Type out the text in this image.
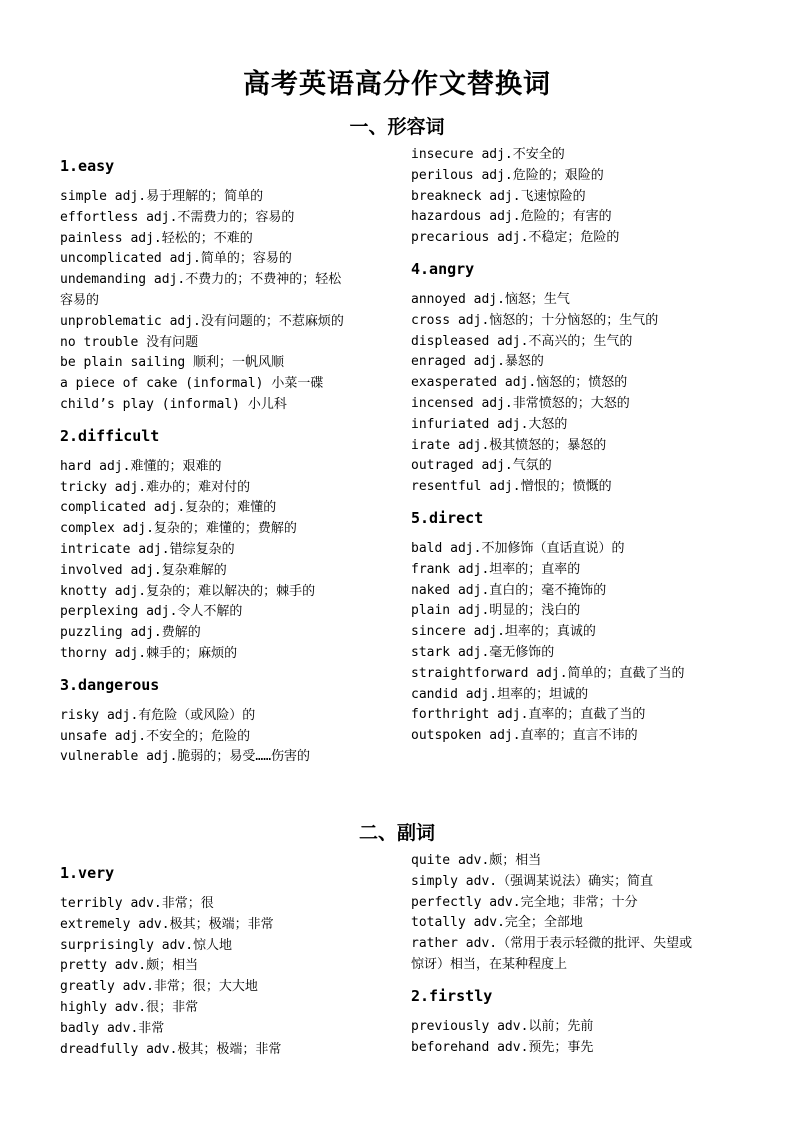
高考英语高分作文替换词
一、形容词
1.easy
simple adj.易于理解的；简单的
effortless adj.不需费力的；容易的
painless adj.轻松的；不难的
uncomplicated adj.简单的；容易的
undemanding adj.不费力的；不费神的；轻松
容易的
unproblematic adj.没有问题的；不惹麻烦的
no trouble 没有问题
be plain sailing 顺利；一帆风顺
a piece of cake (informal) 小菜一碟
child’s play (informal) 小儿科
2.difficult
hard adj.难懂的；艰难的
tricky adj.难办的；难对付的
complicated adj.复杂的；难懂的
complex adj.复杂的；难懂的；费解的
intricate adj.错综复杂的
involved adj.复杂难解的
knotty adj.复杂的；难以解决的；棘手的
perplexing adj.令人不解的
puzzling adj.费解的
thorny adj.棘手的；麻烦的
3.dangerous
risky adj.有危险（或风险）的
unsafe adj.不安全的；危险的
vulnerable adj.脆弱的；易受……伤害的
insecure adj.不安全的
perilous adj.危险的；艰险的
breakneck adj.飞速惊险的
hazardous adj.危险的；有害的
precarious adj.不稳定；危险的
4.angry
annoyed adj.恼怒；生气
cross adj.恼怒的；十分恼怒的；生气的
displeased adj.不高兴的；生气的
enraged adj.暴怒的
exasperated adj.恼怒的；愤怒的
incensed adj.非常愤怒的；大怒的
infuriated adj.大怒的
irate adj.极其愤怒的；暴怒的
outraged adj.气氛的
resentful adj.憎恨的；愤慨的
5.direct
bald adj.不加修饰（直话直说）的
frank adj.坦率的；直率的
naked adj.直白的；毫不掩饰的
plain adj.明显的；浅白的
sincere adj.坦率的；真诚的
stark adj.毫无修饰的
straightforward adj.简单的；直截了当的
candid adj.坦率的；坦诚的
forthright adj.直率的；直截了当的
outspoken adj.直率的；直言不讳的
二、副词
1.very
terribly adv.非常；很
extremely adv.极其；极端；非常
surprisingly adv.惊人地
pretty adv.颇；相当
greatly adv.非常；很；大大地
highly adv.很；非常
badly adv.非常
dreadfully adv.极其；极端；非常
quite adv.颇；相当
simply adv.（强调某说法）确实；简直
perfectly adv.完全地；非常；十分
totally adv.完全；全部地
rather adv.（常用于表示轻微的批评、失望或
惊讶）相当，在某种程度上
2.firstly
previously adv.以前；先前
beforehand adv.预先；事先
